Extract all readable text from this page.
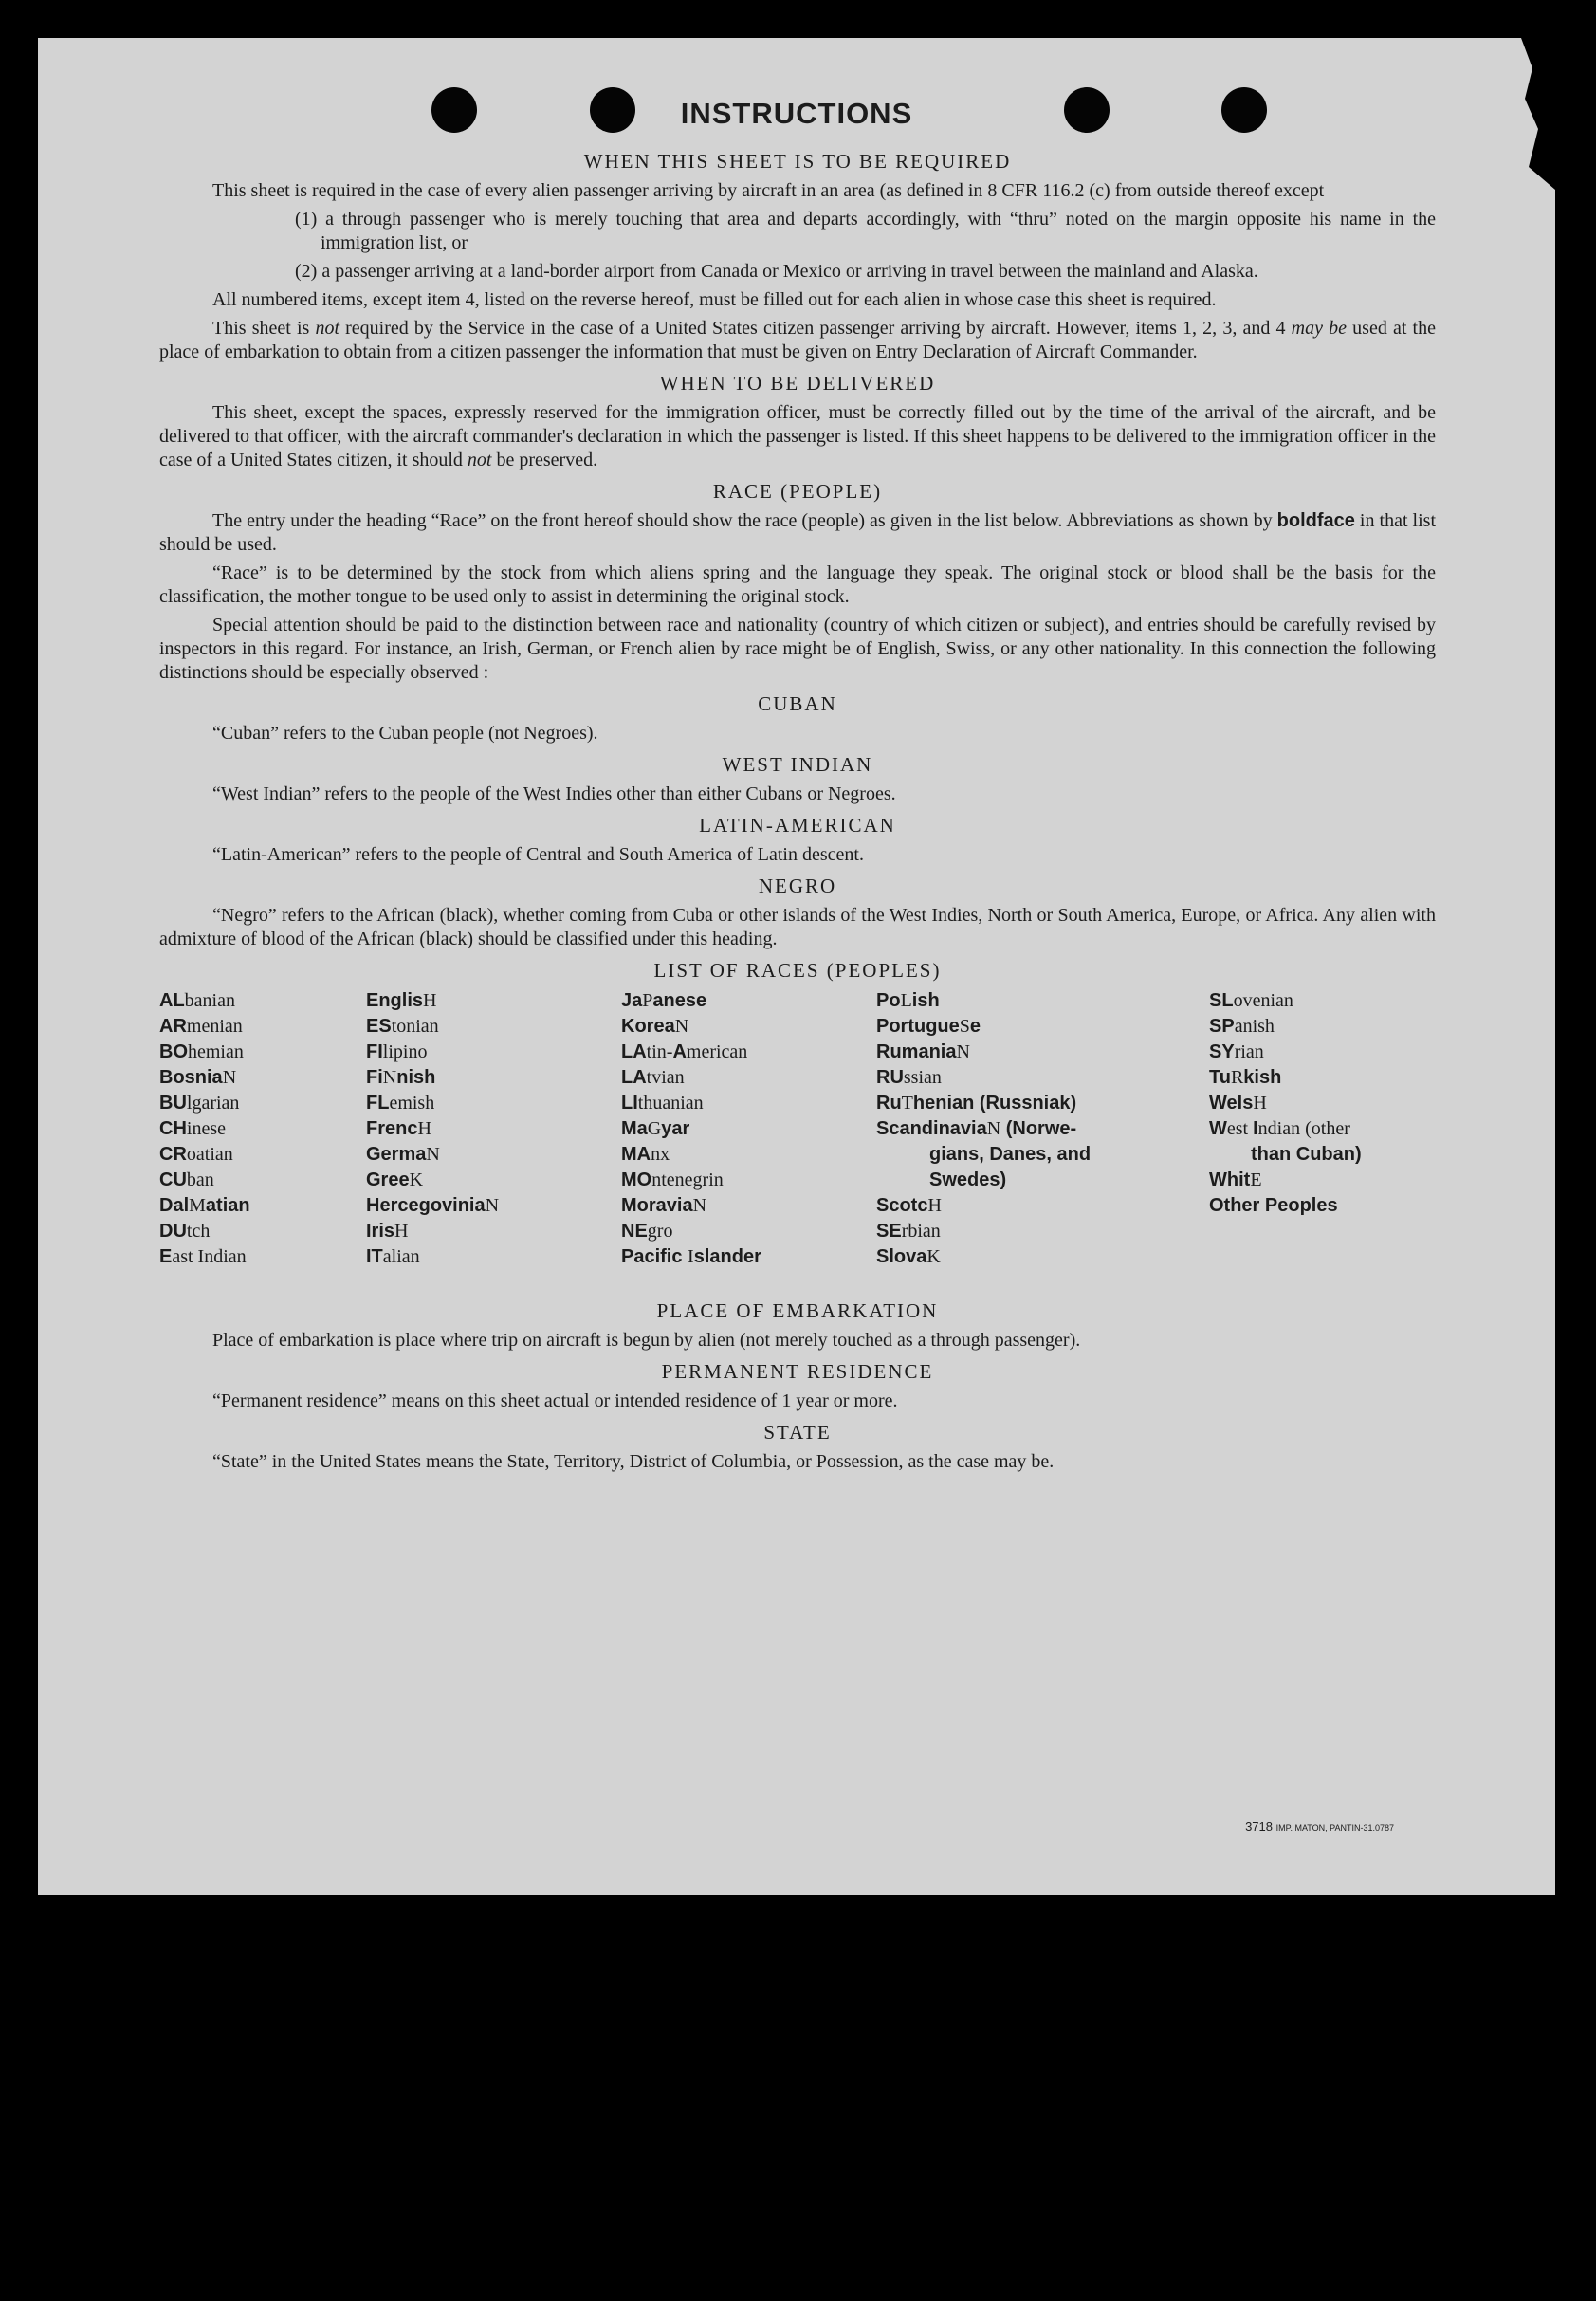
INSTRUCTIONS
WHEN THIS SHEET IS TO BE REQUIRED

This sheet is required in the case of every alien passenger arriving by aircraft in an area (as defined in 8 CFR 116.2 (c) from outside thereof except

(1) a through passenger who is merely touching that area and departs accordingly, with “thru” noted on the margin opposite his name in the immigration list, or
(2) a passenger arriving at a land-border airport from Canada or Mexico or arriving in travel between the mainland and Alaska.

All numbered items, except item 4, listed on the reverse hereof, must be filled out for each alien in whose case this sheet is required.

This sheet is not required by the Service in the case of a United States citizen passenger arriving by aircraft. However, items 1, 2, 3, and 4 may be used at the place of embarkation to obtain from a citizen passenger the information that must be given on Entry Declaration of Aircraft Commander.

WHEN TO BE DELIVERED

This sheet, except the spaces, expressly reserved for the immigration officer, must be correctly filled out by the time of the arrival of the aircraft, and be delivered to that officer, with the aircraft commander's declaration in which the passenger is listed. If this sheet happens to be delivered to the immigration officer in the case of a United States citizen, it should not be preserved.

RACE (PEOPLE)

The entry under the heading “Race” on the front hereof should show the race (people) as given in the list below. Abbreviations as shown by boldface in that list should be used.

“Race” is to be determined by the stock from which aliens spring and the language they speak. The original stock or blood shall be the basis for the classification, the mother tongue to be used only to assist in determining the original stock.

Special attention should be paid to the distinction between race and nationality (country of which citizen or subject), and entries should be carefully revised by inspectors in this regard. For instance, an Irish, German, or French alien by race might be of English, Swiss, or any other nationality. In this connection the following distinctions should be especially observed :

CUBAN

“Cuban” refers to the Cuban people (not Negroes).

WEST INDIAN

“West Indian” refers to the people of the West Indies other than either Cubans or Negroes.

LATIN-AMERICAN

“Latin-American” refers to the people of Central and South America of Latin descent.

NEGRO

“Negro” refers to the African (black), whether coming from Cuba or other islands of the West Indies, North or South America, Europe, or Africa. Any alien with admixture of blood of the African (black) should be classified under this heading.

LIST OF RACES (PEOPLES)
ALbanian
ARmenian
BOhemian
BosniaN
BUlgarian
CHinese
CRoatian
CUban
DalMatian
DUtch
East Indian
EnglisH
EStonian
FIlipino
FiNnish
FLemish
FrencH
GermaN
GreeK
HercegoviniaN
IrisH
ITalian
JaPanese
KoreaN
LAtin-American
LAtvian
LIthuanian
MaGyar
MAnx
MOntenegrin
MoraviaN
NEgro
Pacific Islander
PoLish
PortugueSe
RumaniaN
RUssian
RuThenian (Russniak)
ScandinaviaN (Norwe-
gians, Danes, and
Swedes)
ScotcH
SErbian
SlovaK
SLovenian
SPanish
SYrian
TuRkish
WelsH
West Indian (other
than Cuban)
WhitE
Other Peoples
PLACE OF EMBARKATION

Place of embarkation is place where trip on aircraft is begun by alien (not merely touched as a through passenger).

PERMANENT RESIDENCE

“Permanent residence” means on this sheet actual or intended residence of 1 year or more.

STATE

“State” in the United States means the State, Territory, District of Columbia, or Possession, as the case may be.

3718 IMP. MATON, PANTIN-31.0787
